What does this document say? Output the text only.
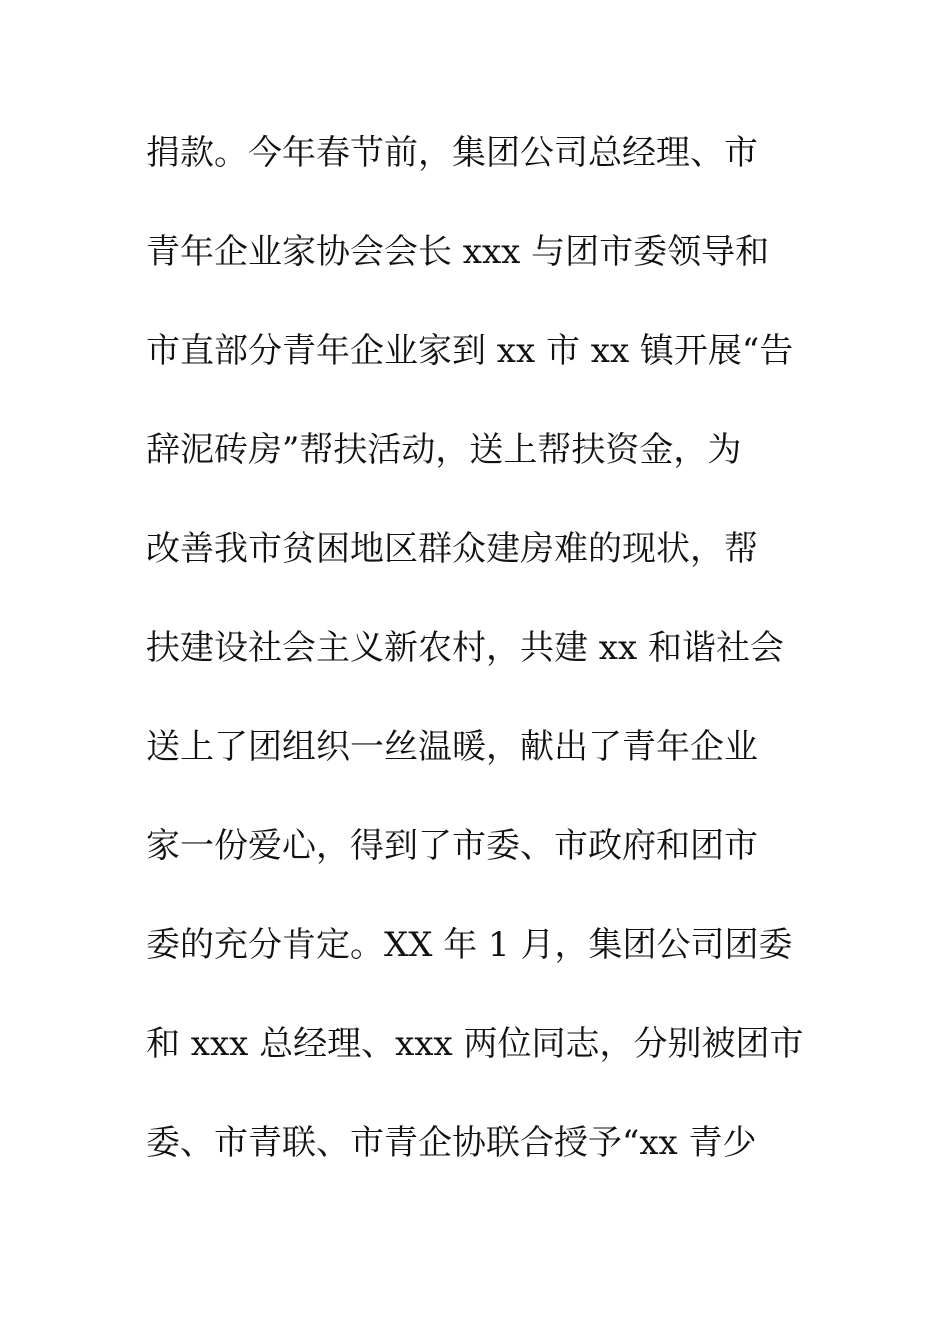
捐款。今年春节前，集团公司总经理、市
青年企业家协会会长 xxx 与团市委领导和
市直部分青年企业家到 xx 市 xx 镇开展“告
辞泥砖房”帮扶活动，送上帮扶资金，为
改善我市贫困地区群众建房难的现状，帮
扶建设社会主义新农村，共建 xx 和谐社会
送上了团组织一丝温暖，献出了青年企业
家一份爱心，得到了市委、市政府和团市
委的充分肯定。XX 年 1 月，集团公司团委
和 xxx 总经理、xxx 两位同志，分别被团市
委、市青联、市青企协联合授予“xx 青少
